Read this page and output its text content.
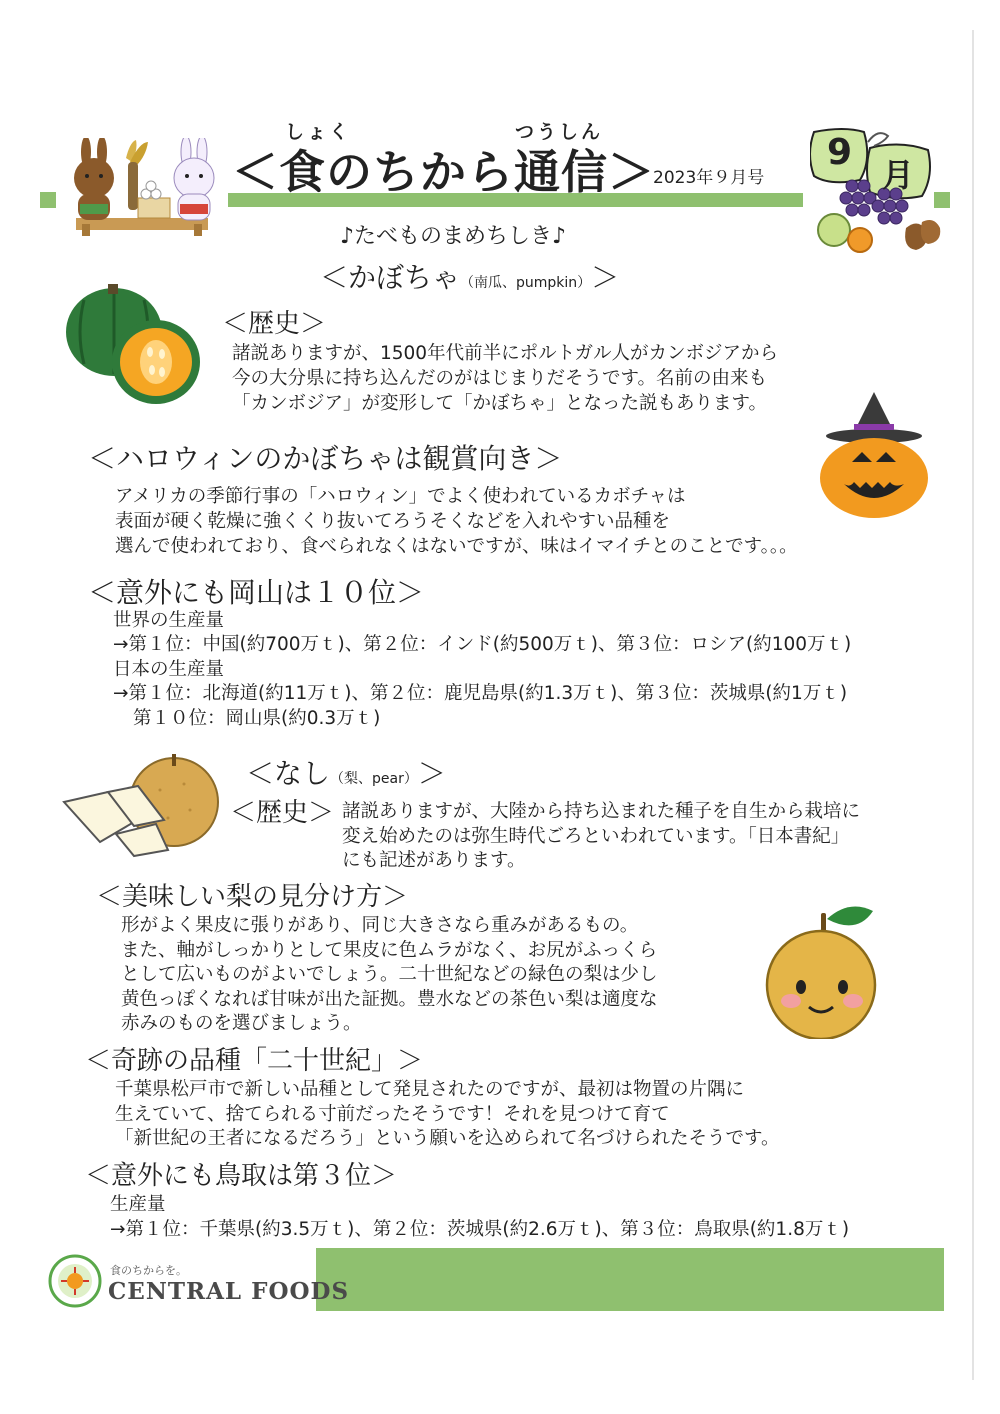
しょく	つうしん
＜食のちから通信＞
2023年９月号
9
月
♪たべものまめちしき♪
＜かぼちゃ（南瓜、pumpkin）＞
＜歴史＞
諸説ありますが、1500年代前半にポルトガル人がカンボジアから
今の大分県に持ち込んだのがはじまりだそうです。名前の由来も
「カンボジア」が変形して「かぼちゃ」となった説もあります。
＜ハロウィンのかぼちゃは観賞向き＞
アメリカの季節行事の「ハロウィン」でよく使われているカボチャは
表面が硬く乾燥に強くくり抜いてろうそくなどを入れやすい品種を
選んで使われており、食べられなくはないですが、味はイマイチとのことです。。。
＜意外にも岡山は１０位＞
世界の生産量
→第１位：中国(約700万ｔ)、第２位：インド(約500万ｔ)、第３位：ロシア(約100万ｔ)
日本の生産量
→第１位：北海道(約11万ｔ)、第２位：鹿児島県(約1.3万ｔ)、第３位：茨城県(約1万ｔ)
第１０位：岡山県(約0.3万ｔ)
＜なし（梨、pear）＞
＜歴史＞ 諸説ありますが、大陸から持ち込まれた種子を自生から栽培に
変え始めたのは弥生時代ごろといわれています。「日本書紀」
にも記述があります。
＜美味しい梨の見分け方＞
形がよく果皮に張りがあり、同じ大きさなら重みがあるもの。
また、軸がしっかりとして果皮に色ムラがなく、お尻がふっくら
として広いものがよいでしょう。二十世紀などの緑色の梨は少し
黄色っぽくなれば甘味が出た証拠。豊水などの茶色い梨は適度な
赤みのものを選びましょう。
＜奇跡の品種「二十世紀」＞
千葉県松戸市で新しい品種として発見されたのですが、最初は物置の片隅に
生えていて、捨てられる寸前だったそうです！それを見つけて育て
「新世紀の王者になるだろう」という願いを込められて名づけられたそうです。
＜意外にも鳥取は第３位＞
生産量
→第１位：千葉県(約3.5万ｔ)、第２位：茨城県(約2.6万ｔ)、第３位：鳥取県(約1.8万ｔ)
食のちからを。
CENTRAL FOODS
